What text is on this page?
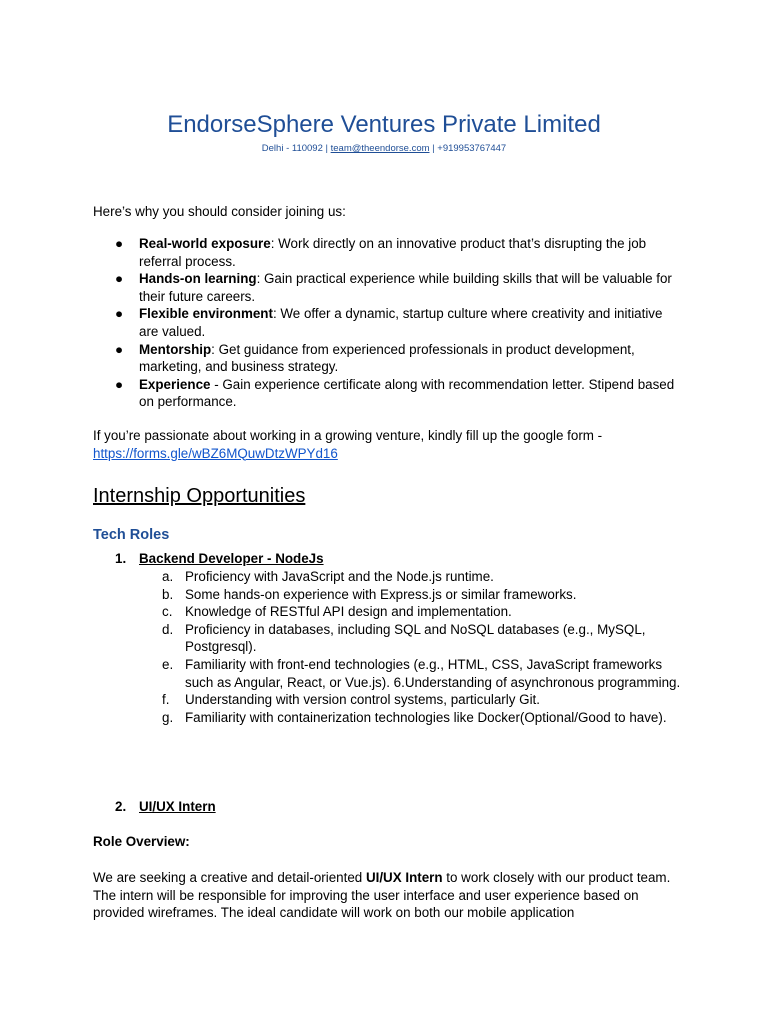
EndorseSphere Ventures Private Limited
Delhi - 110092 | team@theendorse.com | +919953767447
Here’s why you should consider joining us:
● Real-world exposure: Work directly on an innovative product that’s disrupting the job referral process.
● Hands-on learning: Gain practical experience while building skills that will be valuable for their future careers.
● Flexible environment: We offer a dynamic, startup culture where creativity and initiative are valued.
● Mentorship: Get guidance from experienced professionals in product development, marketing, and business strategy.
● Experience - Gain experience certificate along with recommendation letter. Stipend based on performance.
If you’re passionate about working in a growing venture, kindly fill up the google form -
https://forms.gle/wBZ6MQuwDtzWPYd16
Internship Opportunities
Tech Roles
1. Backend Developer - NodeJs
a. Proficiency with JavaScript and the Node.js runtime.
b. Some hands-on experience with Express.js or similar frameworks.
c. Knowledge of RESTful API design and implementation.
d. Proficiency in databases, including SQL and NoSQL databases (e.g., MySQL, Postgresql).
e. Familiarity with front-end technologies (e.g., HTML, CSS, JavaScript frameworks such as Angular, React, or Vue.js). 6.Understanding of asynchronous programming.
f. Understanding with version control systems, particularly Git.
g. Familiarity with containerization technologies like Docker(Optional/Good to have).
2. UI/UX Intern
Role Overview:
We are seeking a creative and detail-oriented UI/UX Intern to work closely with our product team. The intern will be responsible for improving the user interface and user experience based on provided wireframes. The ideal candidate will work on both our mobile application
